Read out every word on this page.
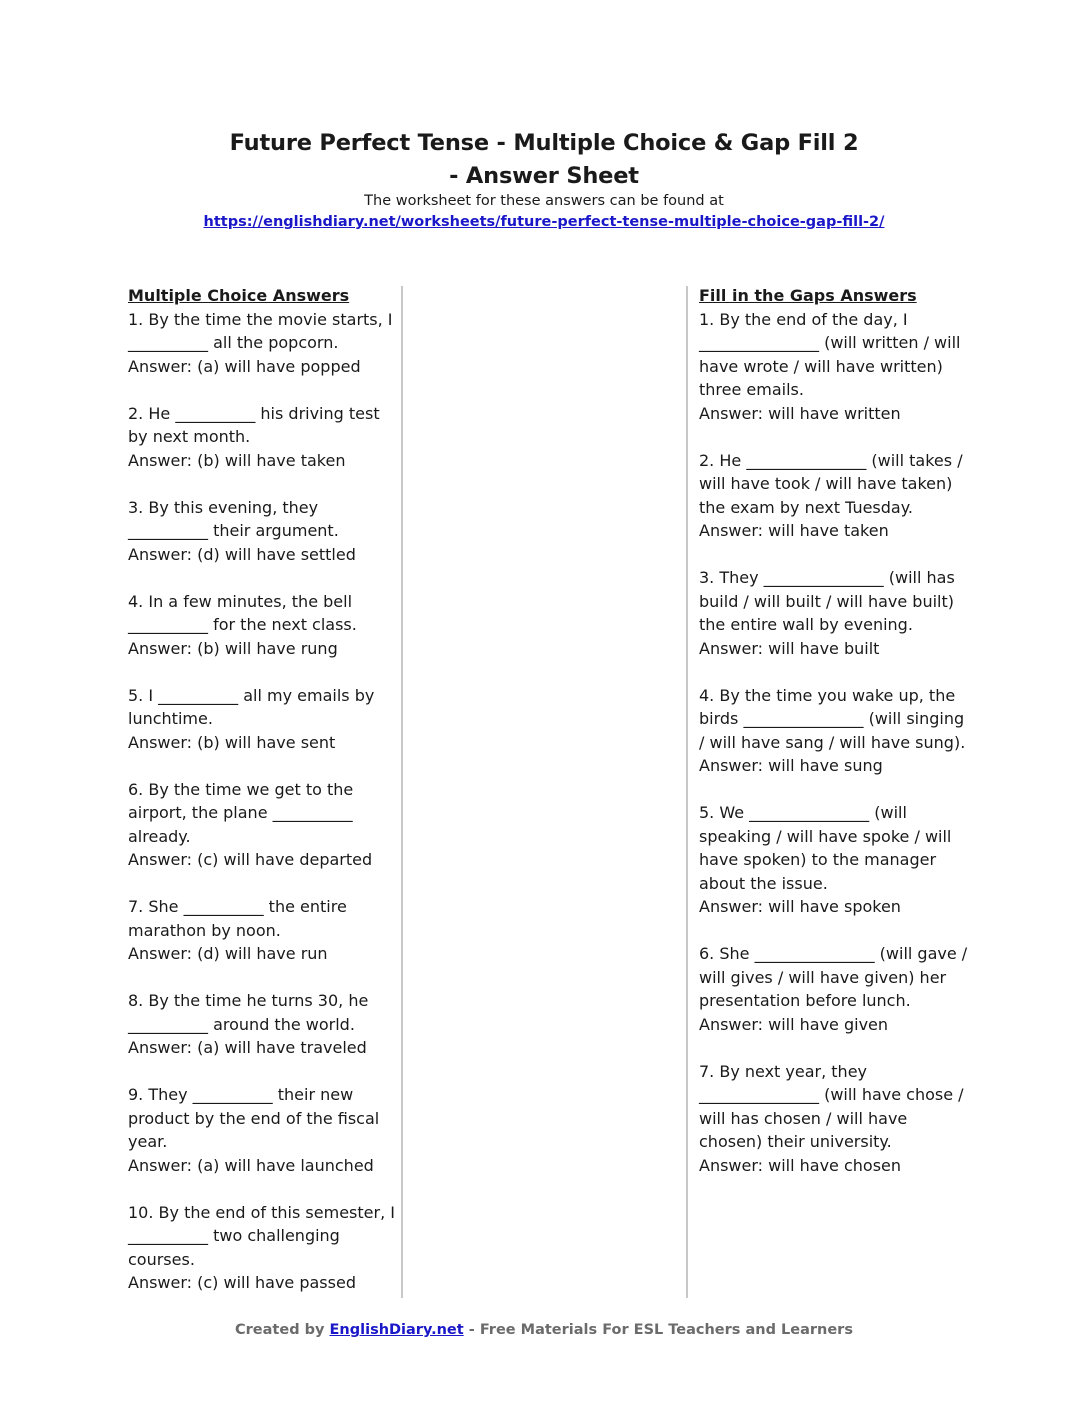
Future Perfect Tense - Multiple Choice & Gap Fill 2
- Answer Sheet
The worksheet for these answers can be found at
https://englishdiary.net/worksheets/future-perfect-tense-multiple-choice-gap-fill-2/
Multiple Choice Answers
1. By the time the movie starts, I __________ all the popcorn.
Answer: (a) will have popped
2. He __________ his driving test by next month.
Answer: (b) will have taken
3. By this evening, they __________ their argument.
Answer: (d) will have settled
4. In a few minutes, the bell __________ for the next class.
Answer: (b) will have rung
5. I __________ all my emails by lunchtime.
Answer: (b) will have sent
6. By the time we get to the airport, the plane __________ already.
Answer: (c) will have departed
7. She __________ the entire marathon by noon.
Answer: (d) will have run
8. By the time he turns 30, he __________ around the world.
Answer: (a) will have traveled
9. They __________ their new product by the end of the fiscal year.
Answer: (a) will have launched
10. By the end of this semester, I __________ two challenging courses.
Answer: (c) will have passed
Fill in the Gaps Answers
1. By the end of the day, I _______________ (will written / will have wrote / will have written) three emails.
Answer: will have written
2. He _______________ (will takes / will have took / will have taken) the exam by next Tuesday.
Answer: will have taken
3. They _______________ (will has build / will built / will have built) the entire wall by evening.
Answer: will have built
4. By the time you wake up, the birds _______________ (will singing / will have sang / will have sung).
Answer: will have sung
5. We _______________ (will speaking / will have spoke / will have spoken) to the manager about the issue.
Answer: will have spoken
6. She _______________ (will gave / will gives / will have given) her presentation before lunch.
Answer: will have given
7. By next year, they _______________ (will have chose / will has chosen / will have chosen) their university.
Answer: will have chosen
Created by EnglishDiary.net - Free Materials For ESL Teachers and Learners
